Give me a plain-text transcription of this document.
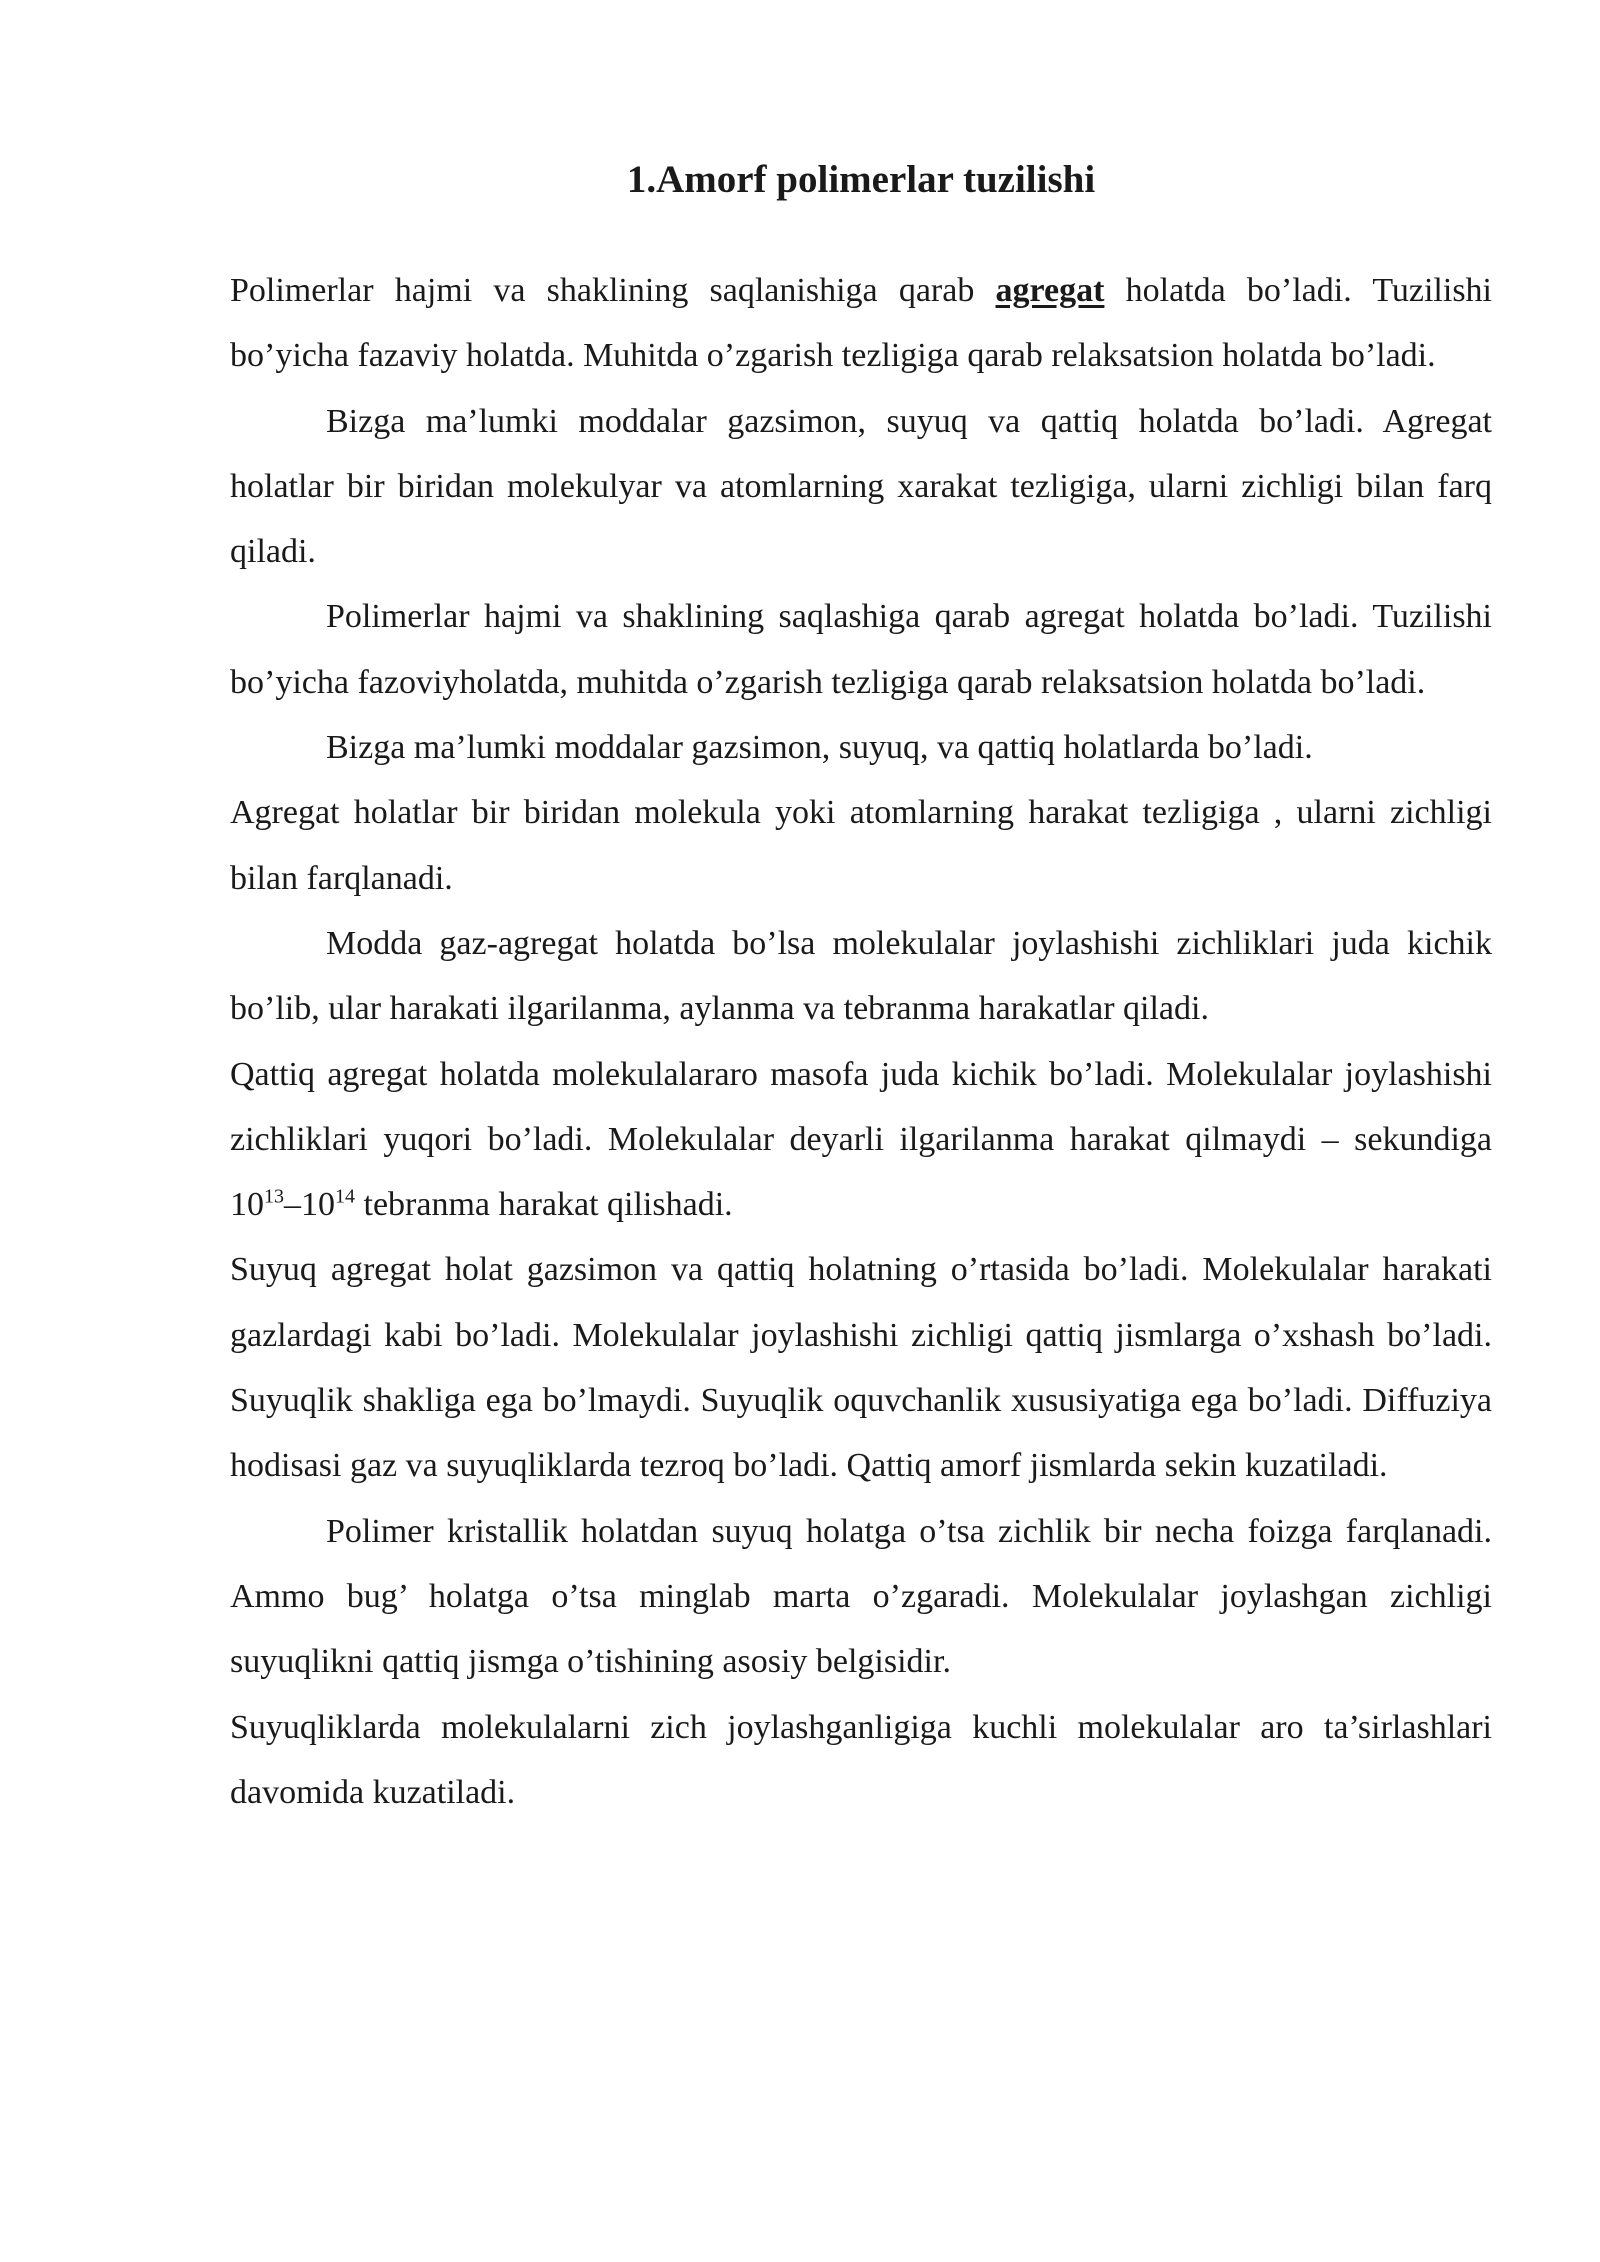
1.Amorf polimerlar tuzilishi

Polimerlar hajmi va shaklining saqlanishiga qarab agregat holatda bo’ladi. Tuzilishi bo’yicha fazaviy holatda. Muhitda o’zgarish tezligiga qarab relaksatsion holatda bo’ladi.

Bizga ma’lumki moddalar gazsimon, suyuq va qattiq holatda bo’ladi. Agregat holatlar bir biridan molekulyar va atomlarning xarakat tezligiga, ularni zichligi bilan farq qiladi.

Polimerlar hajmi va shaklining saqlashiga qarab agregat holatda bo’ladi. Tuzilishi bo’yicha fazoviyholatda, muhitda o’zgarish tezligiga qarab relaksatsion holatda bo’ladi.

Bizga ma’lumki moddalar gazsimon, suyuq, va qattiq holatlarda bo’ladi.

Agregat holatlar bir biridan molekula yoki atomlarning harakat tezligiga , ularni zichligi bilan farqlanadi.

Modda gaz-agregat holatda bo’lsa molekulalar joylashishi zichliklari juda kichik bo’lib, ular harakati ilgarilanma, aylanma va tebranma harakatlar qiladi.

Qattiq agregat holatda molekulalararo masofa juda kichik bo’ladi. Molekulalar joylashishi zichliklari yuqori bo’ladi. Molekulalar deyarli ilgarilanma harakat qilmaydi – sekundiga $10^{13}-10^{14}$ tebranma harakat qilishadi.

Suyuq agregat holat gazsimon va qattiq holatning o’rtasida bo’ladi. Molekulalar harakati gazlardagi kabi bo’ladi. Molekulalar joylashishi zichligi qattiq jismlarga o’xshash bo’ladi. Suyuqlik shakliga ega bo’lmaydi. Suyuqlik oquvchanlik xususiyatiga ega bo’ladi. Diffuziya hodisasi gaz va suyuqliklarda tezroq bo’ladi. Qattiq amorf jismlarda sekin kuzatiladi.

Polimer kristallik holatdan suyuq holatga o’tsa zichlik bir necha foizga farqlanadi. Ammo bug’ holatga o’tsa minglab marta o’zgaradi. Molekulalar joylashgan zichligi suyuqlikni qattiq jismga o’tishining asosiy belgisidir.

Suyuqliklarda molekulalarni zich joylashganligiga kuchli molekulalar aro ta’sirlashlari davomida kuzatiladi.
